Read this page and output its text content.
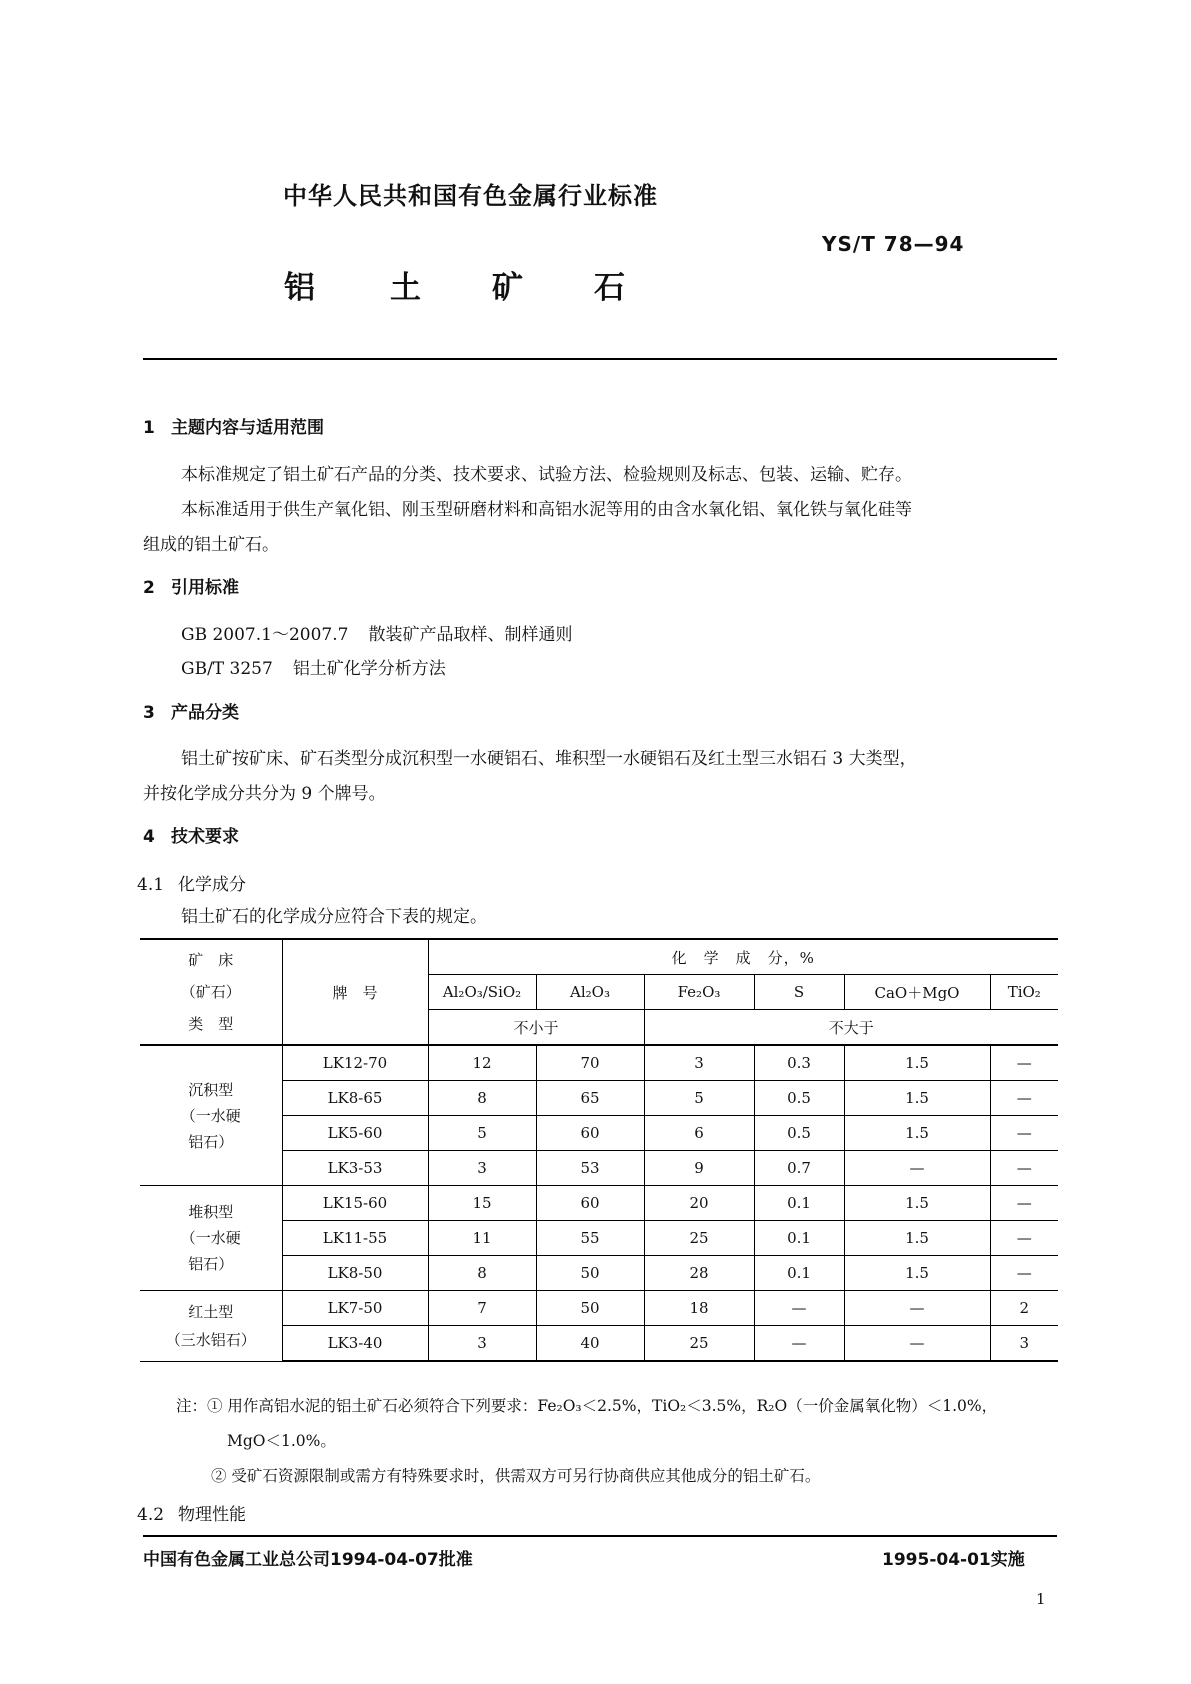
中华人民共和国有色金属行业标准
YS/T 78—94
铝 土 矿 石
1 主题内容与适用范围
本标准规定了铝土矿石产品的分类、技术要求、试验方法、检验规则及标志、包装、运输、贮存。
本标准适用于供生产氧化铝、刚玉型研磨材料和高铝水泥等用的由含水氧化铝、氧化铁与氧化硅等
组成的铝土矿石。
2 引用标准
GB 2007.1～2007.7 散装矿产品取样、制样通则
GB/T 3257 铝土矿化学分析方法
3 产品分类
铝土矿按矿床、矿石类型分成沉积型一水硬铝石、堆积型一水硬铝石及红土型三水铝石 3 大类型，
并按化学成分共分为 9 个牌号。
4 技术要求
4.1 化学成分
铝土矿石的化学成分应符合下表的规定。
矿　床
（矿石）
类　型	牌　号	化　学　成　分，%					
		Al₂O₃/SiO₂	Al₂O₃	Fe₂O₃	S	CaO＋MgO	TiO₂
		不小于		不大于			

沉积型
（一水硬
铝石）	LK12-70	12	70	3	0.3	1.5	—
	LK8-65	8	65	5	0.5	1.5	—
	LK5-60	5	60	6	0.5	1.5	—
	LK3-53	3	53	9	0.7	—	—

堆积型
（一水硬
铝石）	LK15-60	15	60	20	0.1	1.5	—
	LK11-55	11	55	25	0.1	1.5	—
	LK8-50	8	50	28	0.1	1.5	—

红土型
（三水铝石）	LK7-50	7	50	18	—	—	2
	LK3-40	3	40	25	—	—	3
注：① 用作高铝水泥的铝土矿石必须符合下列要求：Fe₂O₃＜2.5%，TiO₂＜3.5%，R₂O（一价金属氧化物）＜1.0%，
MgO＜1.0%。
② 受矿石资源限制或需方有特殊要求时，供需双方可另行协商供应其他成分的铝土矿石。
4.2 物理性能
中国有色金属工业总公司1994-04-07批准	1995-04-01实施
1
